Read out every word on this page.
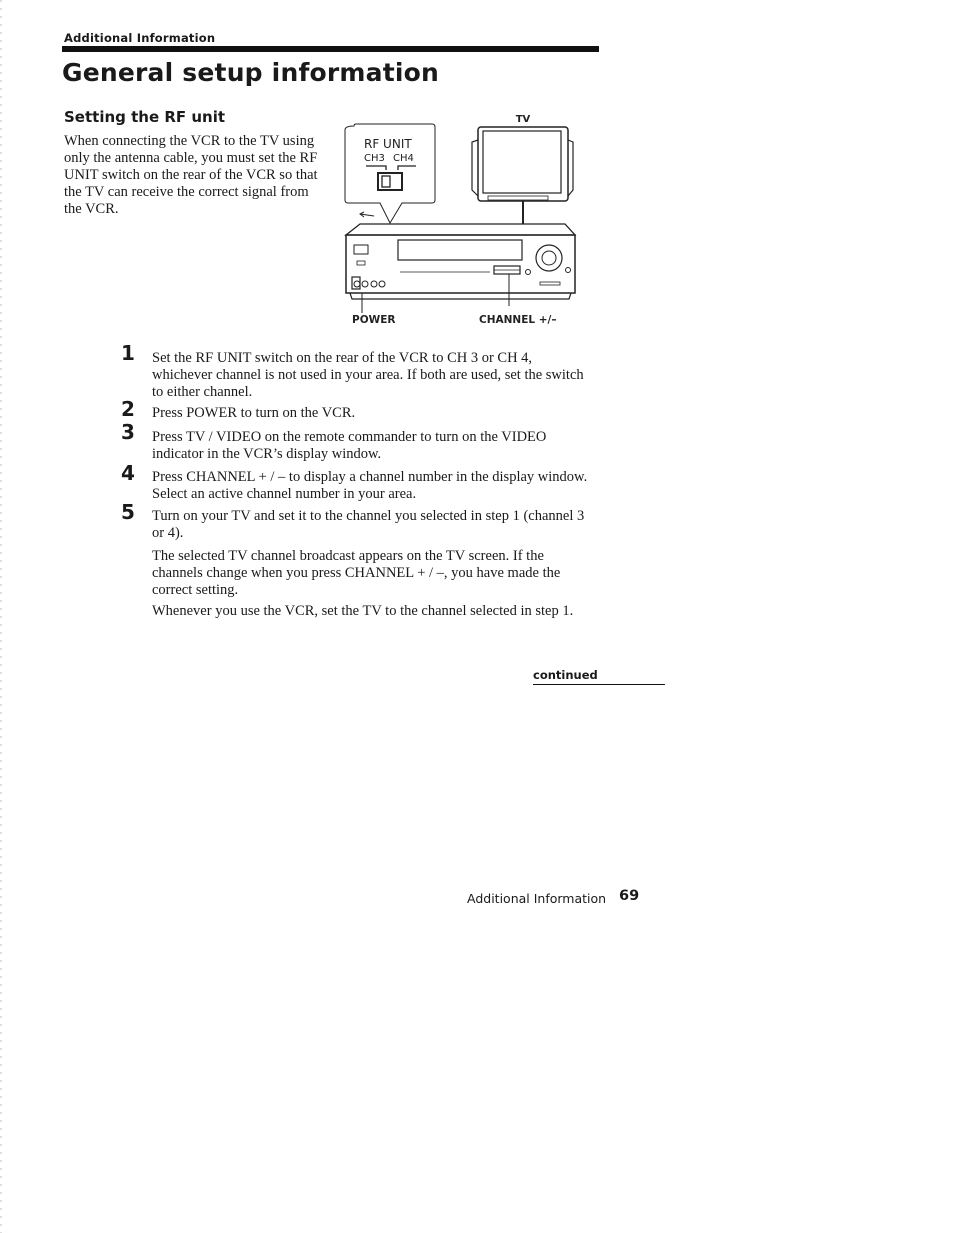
Additional Information
General setup information
Setting the RF unit

When connecting the VCR to the TV using only the antenna cable, you must set the RF UNIT switch on the rear of the VCR so that the TV can receive the correct signal from the VCR.

RF UNIT
CH3 CH4
TV
POWER	CHANNEL +/–
1 Set the RF UNIT switch on the rear of the VCR to CH 3 or CH 4, whichever channel is not used in your area. If both are used, set the switch to either channel.

2 Press POWER to turn on the VCR.

3 Press TV / VIDEO on the remote commander to turn on the VIDEO indicator in the VCR’s display window.

4 Press CHANNEL + / – to display a channel number in the display window. Select an active channel number in your area.

5 Turn on your TV and set it to the channel you selected in step 1 (channel 3 or 4).

The selected TV channel broadcast appears on the TV screen. If the channels change when you press CHANNEL + / –, you have made the correct setting.

Whenever you use the VCR, set the TV to the channel selected in step 1.

continued
Additional Information 69
